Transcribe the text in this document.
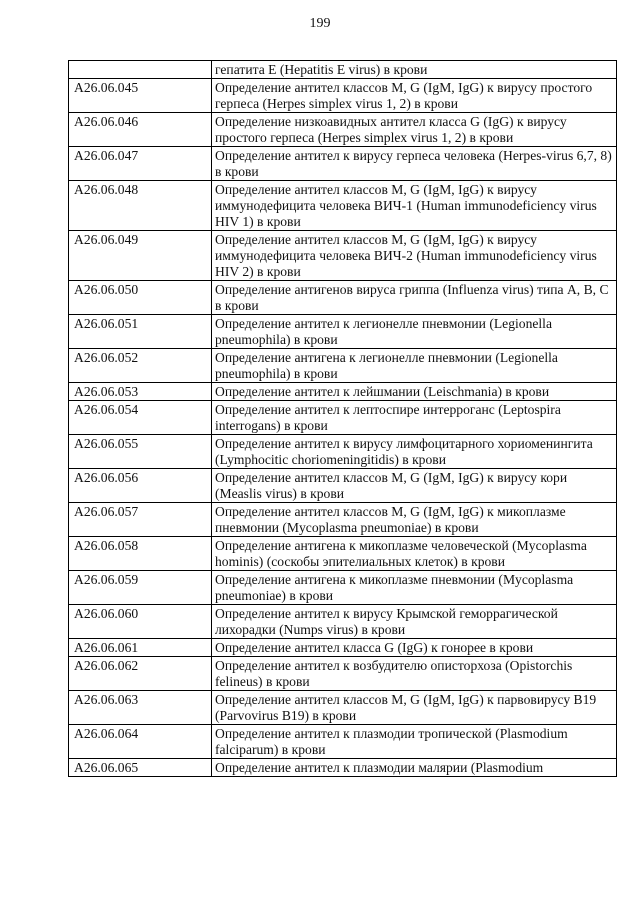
199
	гепатита E (Hepatitis E virus) в крови
A26.06.045	Определение антител классов M, G (IgM, IgG) к вирусу простого герпеса (Herpes simplex virus 1, 2) в крови
A26.06.046	Определение низкоавидных антител класса G (IgG) к вирусу простого герпеса (Herpes simplex virus 1, 2) в крови
A26.06.047	Определение антител к вирусу герпеса человека (Herpes-virus 6,7, 8) в крови
A26.06.048	Определение антител классов M, G (IgM, IgG) к вирусу иммунодефицита человека ВИЧ-1 (Human immunodeficiency virus HIV 1) в крови
A26.06.049	Определение антител классов M, G (IgM, IgG) к вирусу иммунодефицита человека ВИЧ-2 (Human immunodeficiency virus HIV 2) в крови
A26.06.050	Определение антигенов вируса гриппа (Influenza virus) типа A, B, C в крови
A26.06.051	Определение антител к легионелле пневмонии (Legionella pneumophila) в крови
A26.06.052	Определение антигена к легионелле пневмонии (Legionella pneumophila) в крови
A26.06.053	Определение антител к лейшмании (Leischmania) в крови
A26.06.054	Определение антител к лептоспире интерроганс (Leptospira interrogans) в крови
A26.06.055	Определение антител к вирусу лимфоцитарного хориоменингита (Lymphocitic choriomeningitidis) в крови
A26.06.056	Определение антител классов M, G (IgM, IgG) к вирусу кори (Measlis virus) в крови
A26.06.057	Определение антител классов M, G (IgM, IgG) к микоплазме пневмонии (Mycoplasma pneumoniae) в крови
A26.06.058	Определение антигена к микоплазме человеческой (Mycoplasma hominis) (соскобы эпителиальных клеток) в крови
A26.06.059	Определение антигена к микоплазме пневмонии (Mycoplasma pneumoniae) в крови
A26.06.060	Определение антител к вирусу Крымской геморрагической лихорадки (Numps virus) в крови
A26.06.061	Определение антител класса G (IgG) к гонорее в крови
A26.06.062	Определение антител к возбудителю описторхоза (Opistorchis felineus) в крови
A26.06.063	Определение антител классов M, G (IgM, IgG) к парвовирусу B19 (Parvovirus B19) в крови
A26.06.064	Определение антител к плазмодии тропической (Plasmodium falciparum) в крови
A26.06.065	Определение антител к плазмодии малярии (Plasmodium
